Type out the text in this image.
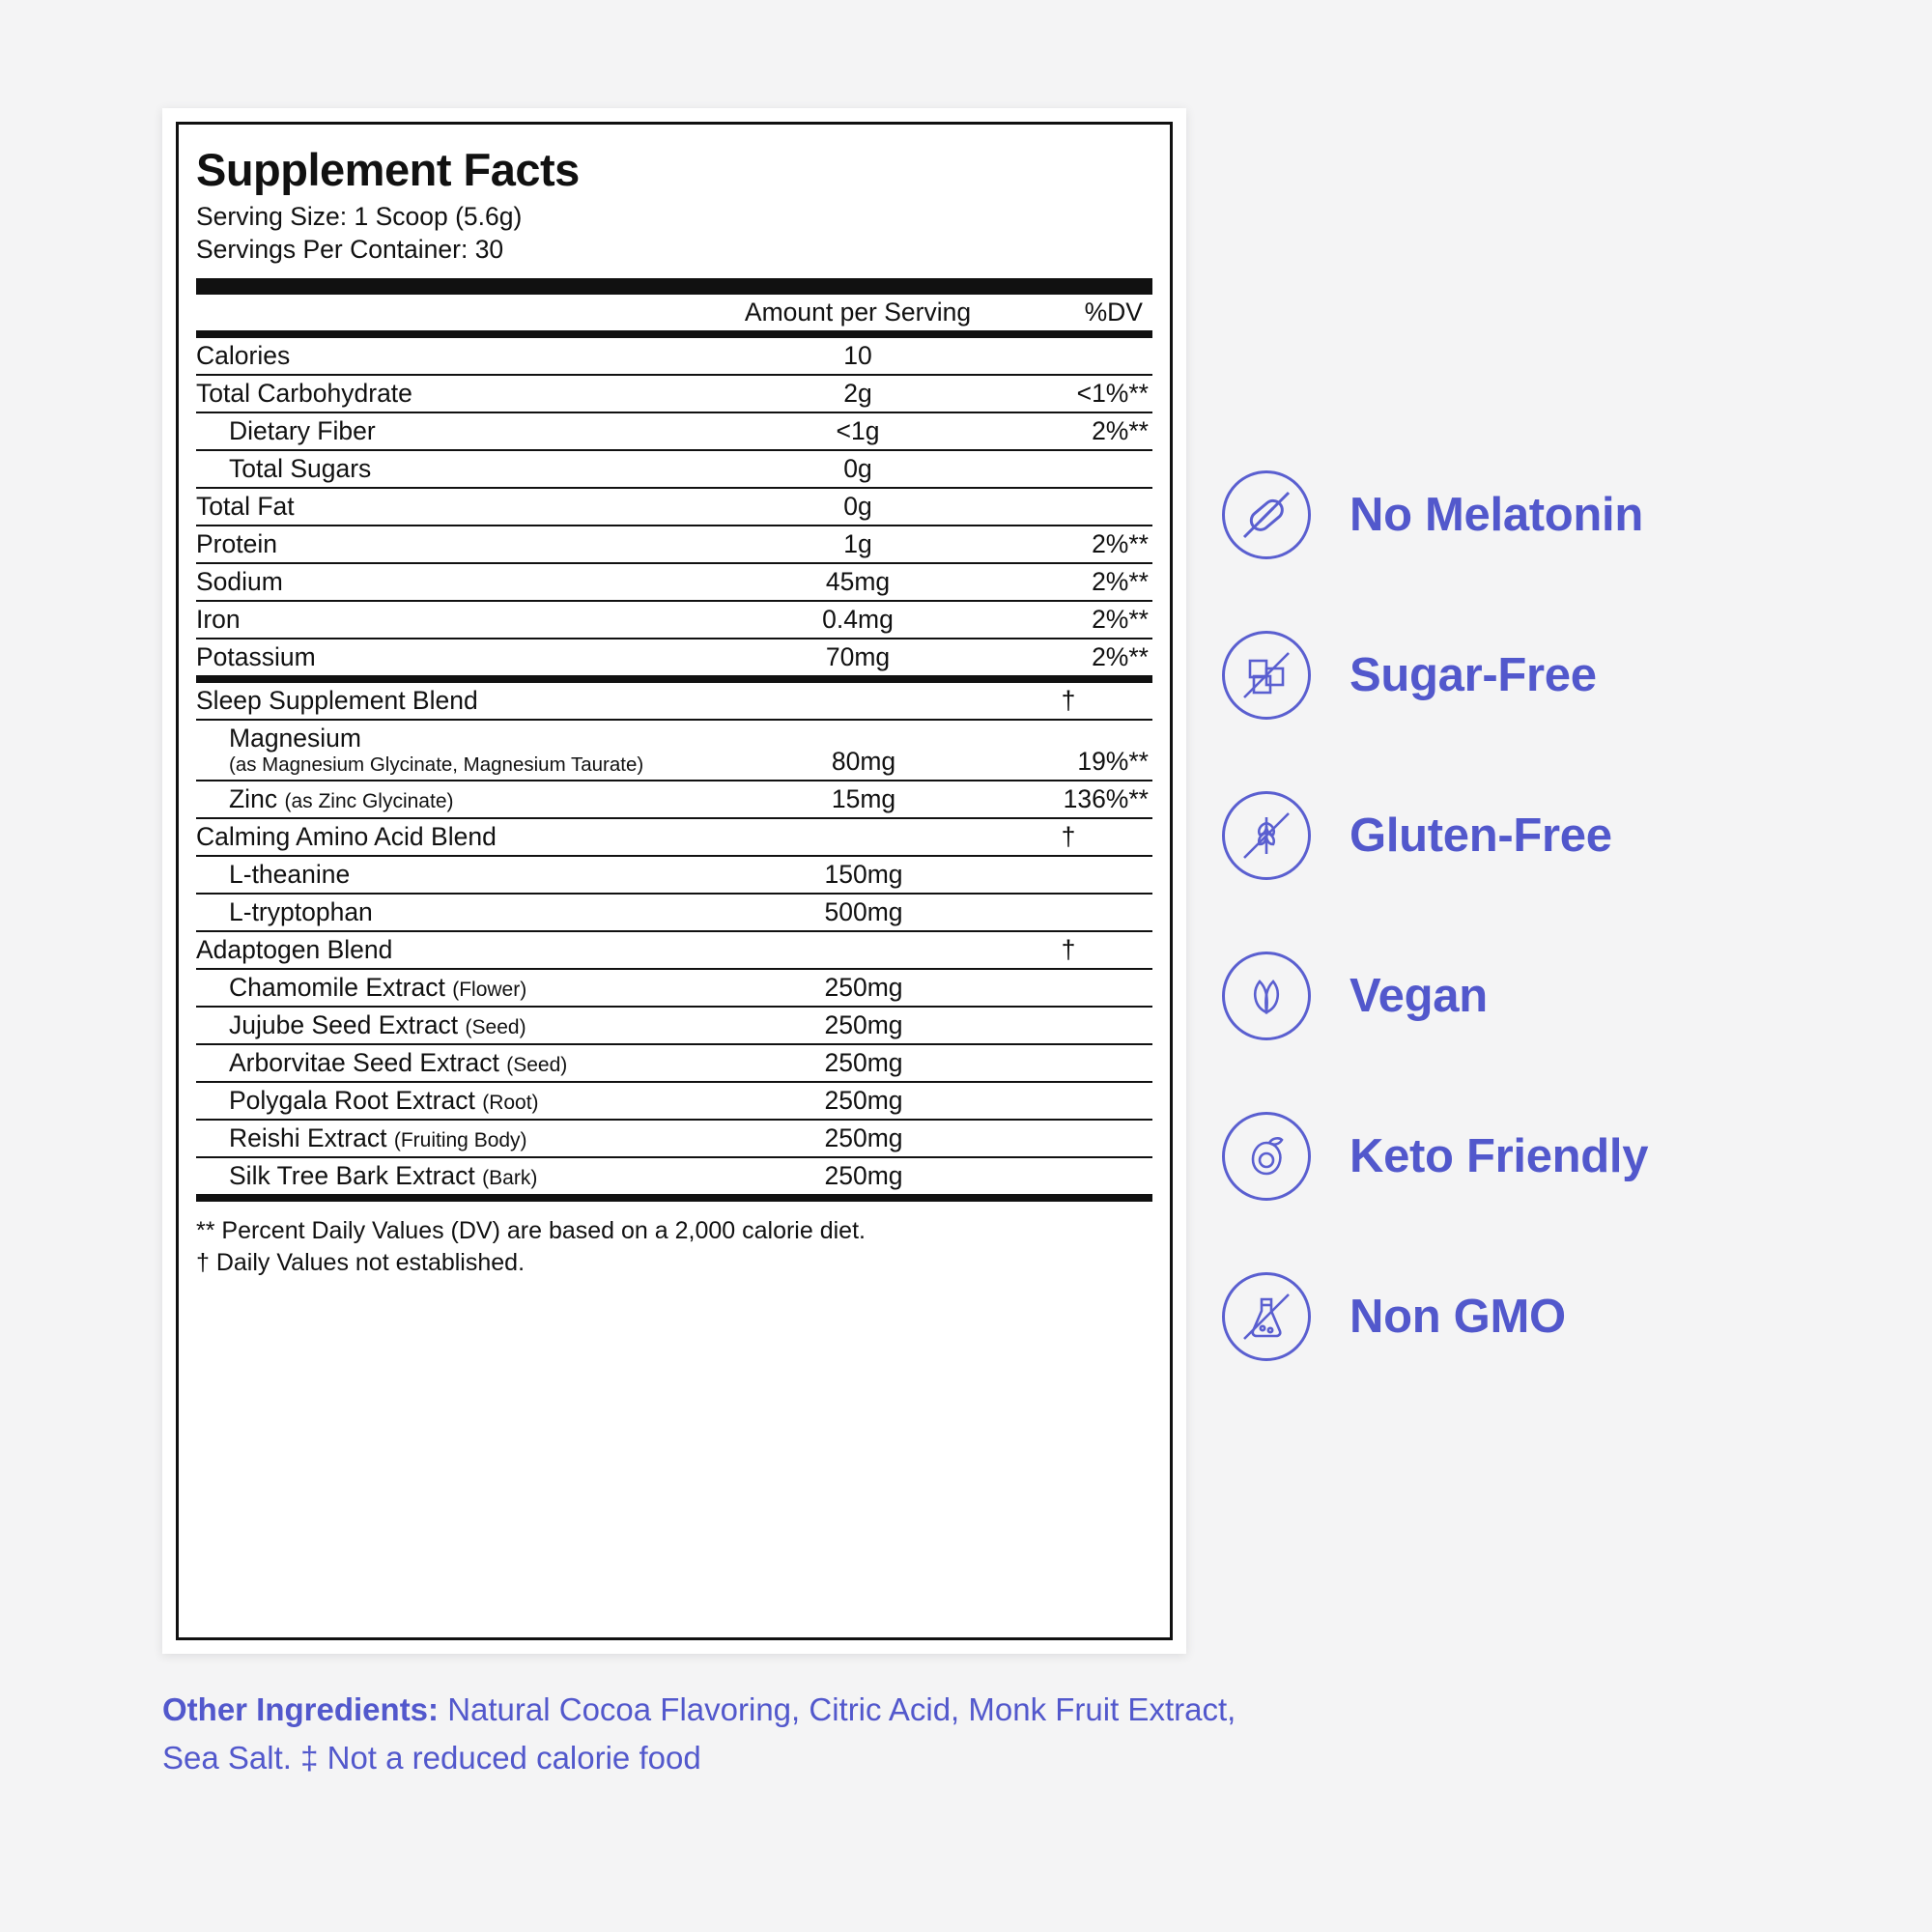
Supplement Facts
Serving Size: 1 Scoop (5.6g)
Servings Per Container: 30
	Amount per Serving	%DV
Calories	10	
Total Carbohydrate	2g	<1%**
Dietary Fiber	<1g	2%**
Total Sugars	0g	
Total Fat	0g	
Protein	1g	2%**
Sodium	45mg	2%**
Iron	0.4mg	2%**
Potassium	70mg	2%**
Sleep Supplement Blend		†
Magnesium
(as Magnesium Glycinate, Magnesium Taurate)	80mg	19%**
Zinc (as Zinc Glycinate)	15mg	136%**
Calming Amino Acid Blend		†
L-theanine	150mg	
L-tryptophan	500mg	
Adaptogen Blend		†
Chamomile Extract (Flower)	250mg	
Jujube Seed Extract (Seed)	250mg	
Arborvitae Seed Extract (Seed)	250mg	
Polygala Root Extract (Root)	250mg	
Reishi Extract (Fruiting Body)	250mg	
Silk Tree Bark Extract (Bark)	250mg	
** Percent Daily Values (DV) are based on a 2,000 calorie diet.
† Daily Values not established.
No Melatonin
Sugar-Free
Gluten-Free
Vegan
Keto Friendly
Non GMO
Other Ingredients: Natural Cocoa Flavoring, Citric Acid, Monk Fruit Extract, Sea Salt. ‡ Not a reduced calorie food
